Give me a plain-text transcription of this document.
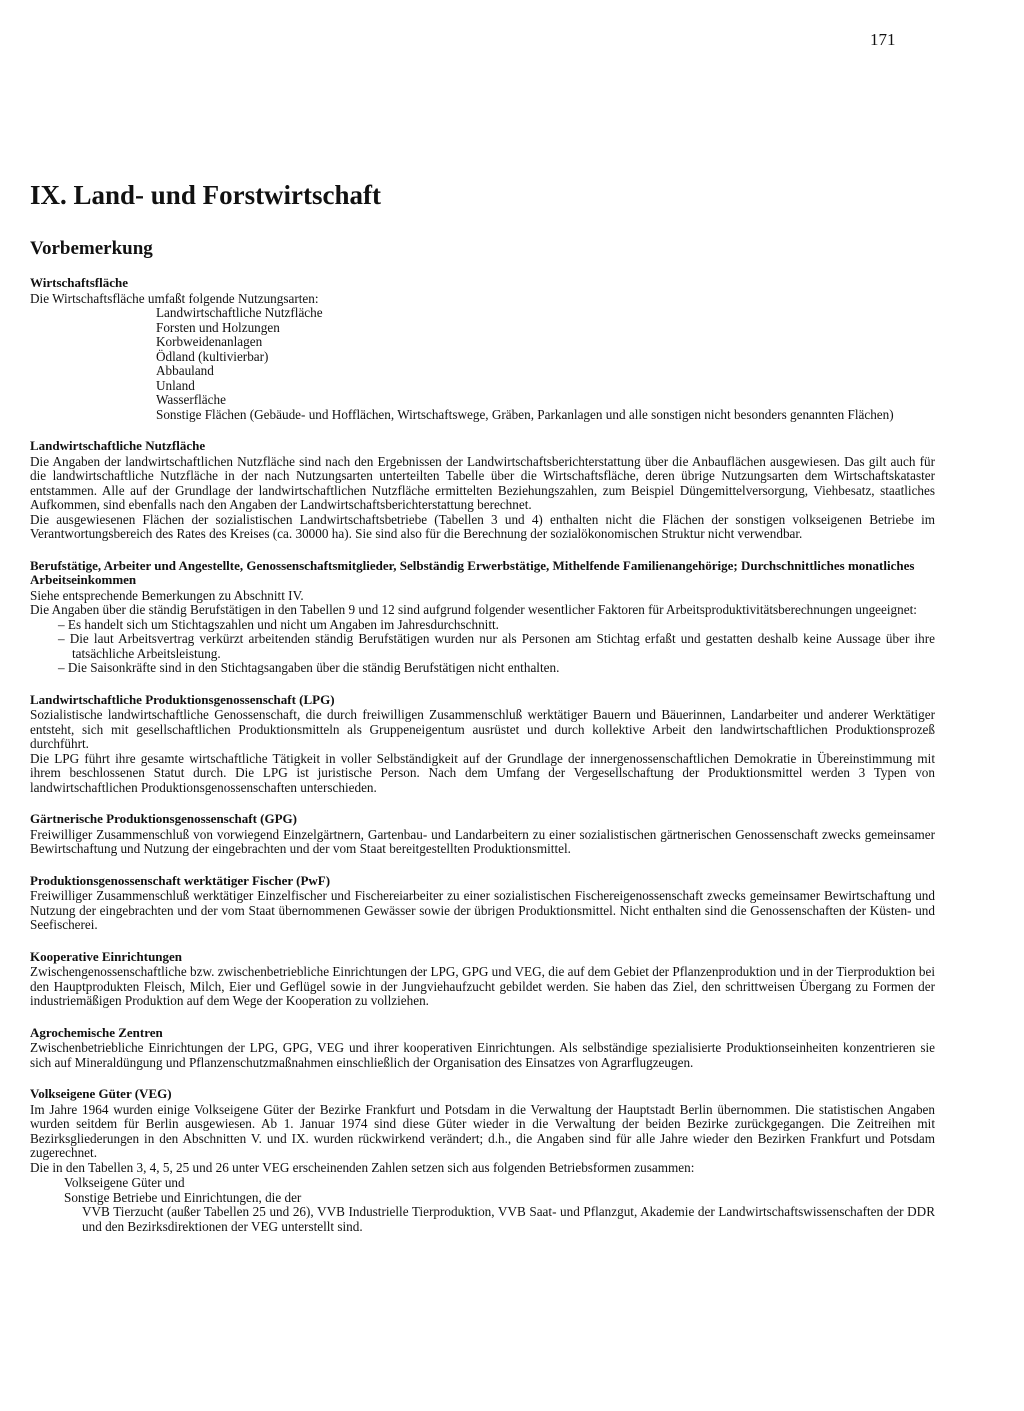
171
IX. Land- und Forstwirtschaft
Vorbemerkung
Wirtschaftsfläche

Die Wirtschaftsfläche umfaßt folgende Nutzungsarten:

Landwirtschaftliche Nutzfläche
Forsten und Holzungen
Korbweidenanlagen
Ödland (kultivierbar)
Abbauland
Unland
Wasserfläche
Sonstige Flächen (Gebäude- und Hofflächen, Wirtschaftswege, Gräben, Parkanlagen und alle sonstigen nicht besonders genannten Flächen)
Landwirtschaftliche Nutzfläche

Die Angaben der landwirtschaftlichen Nutzfläche sind nach den Ergebnissen der Landwirtschaftsberichterstattung über die Anbauflächen ausgewiesen. Das gilt auch für die landwirtschaftliche Nutzfläche in der nach Nutzungsarten unterteilten Tabelle über die Wirtschaftsfläche, deren übrige Nutzungsarten dem Wirtschaftskataster entstammen. Alle auf der Grundlage der landwirtschaftlichen Nutzfläche ermittelten Beziehungszahlen, zum Beispiel Düngemittelversorgung, Viehbesatz, staatliches Aufkommen, sind ebenfalls nach den Angaben der Landwirtschaftsberichterstattung berechnet.

Die ausgewiesenen Flächen der sozialistischen Landwirtschaftsbetriebe (Tabellen 3 und 4) enthalten nicht die Flächen der sonstigen volkseigenen Betriebe im Verantwortungsbereich des Rates des Kreises (ca. 30000 ha). Sie sind also für die Berechnung der sozialökonomischen Struktur nicht verwendbar.

Berufstätige, Arbeiter und Angestellte, Genossenschaftsmitglieder, Selbständig Erwerbstätige, Mithelfende Familienangehörige; Durchschnittliches monatliches Arbeitseinkommen

Siehe entsprechende Bemerkungen zu Abschnitt IV.

Die Angaben über die ständig Berufstätigen in den Tabellen 9 und 12 sind aufgrund folgender wesentlicher Faktoren für Arbeitsproduktivitätsberechnungen ungeeignet:

– Es handelt sich um Stichtagszahlen und nicht um Angaben im Jahresdurchschnitt.
– Die laut Arbeitsvertrag verkürzt arbeitenden ständig Berufstätigen wurden nur als Personen am Stichtag erfaßt und gestatten deshalb keine Aussage über ihre tatsächliche Arbeitsleistung.
– Die Saisonkräfte sind in den Stichtagsangaben über die ständig Berufstätigen nicht enthalten.
Landwirtschaftliche Produktionsgenossenschaft (LPG)

Sozialistische landwirtschaftliche Genossenschaft, die durch freiwilligen Zusammenschluß werktätiger Bauern und Bäuerinnen, Landarbeiter und anderer Werktätiger entsteht, sich mit gesellschaftlichen Produktionsmitteln als Gruppeneigentum ausrüstet und durch kollektive Arbeit den landwirtschaftlichen Produktionsprozeß durchführt.

Die LPG führt ihre gesamte wirtschaftliche Tätigkeit in voller Selbständigkeit auf der Grundlage der innergenossenschaftlichen Demokratie in Übereinstimmung mit ihrem beschlossenen Statut durch. Die LPG ist juristische Person. Nach dem Umfang der Vergesellschaftung der Produktionsmittel werden 3 Typen von landwirtschaftlichen Produktionsgenossenschaften unterschieden.

Gärtnerische Produktionsgenossenschaft (GPG)

Freiwilliger Zusammenschluß von vorwiegend Einzelgärtnern, Gartenbau- und Landarbeitern zu einer sozialistischen gärtnerischen Genossenschaft zwecks gemeinsamer Bewirtschaftung und Nutzung der eingebrachten und der vom Staat bereitgestellten Produktionsmittel.

Produktionsgenossenschaft werktätiger Fischer (PwF)

Freiwilliger Zusammenschluß werktätiger Einzelfischer und Fischereiarbeiter zu einer sozialistischen Fischereigenossenschaft zwecks gemeinsamer Bewirtschaftung und Nutzung der eingebrachten und der vom Staat übernommenen Gewässer sowie der übrigen Produktionsmittel. Nicht enthalten sind die Genossenschaften der Küsten- und Seefischerei.

Kooperative Einrichtungen

Zwischengenossenschaftliche bzw. zwischenbetriebliche Einrichtungen der LPG, GPG und VEG, die auf dem Gebiet der Pflanzenproduktion und in der Tierproduktion bei den Hauptprodukten Fleisch, Milch, Eier und Geflügel sowie in der Jungviehaufzucht gebildet werden. Sie haben das Ziel, den schrittweisen Übergang zu Formen der industriemäßigen Produktion auf dem Wege der Kooperation zu vollziehen.

Agrochemische Zentren

Zwischenbetriebliche Einrichtungen der LPG, GPG, VEG und ihrer kooperativen Einrichtungen. Als selbständige spezialisierte Produktionseinheiten konzentrieren sie sich auf Mineraldüngung und Pflanzenschutzmaßnahmen einschließlich der Organisation des Einsatzes von Agrarflugzeugen.

Volkseigene Güter (VEG)

Im Jahre 1964 wurden einige Volkseigene Güter der Bezirke Frankfurt und Potsdam in die Verwaltung der Hauptstadt Berlin übernommen. Die statistischen Angaben wurden seitdem für Berlin ausgewiesen. Ab 1. Januar 1974 sind diese Güter wieder in die Verwaltung der beiden Bezirke zurückgegangen. Die Zeitreihen mit Bezirksgliederungen in den Abschnitten V. und IX. wurden rückwirkend verändert; d.h., die Angaben sind für alle Jahre wieder den Bezirken Frankfurt und Potsdam zugerechnet.

Die in den Tabellen 3, 4, 5, 25 und 26 unter VEG erscheinenden Zahlen setzen sich aus folgenden Betriebsformen zusammen:

Volkseigene Güter und
Sonstige Betriebe und Einrichtungen, die der
VVB Tierzucht (außer Tabellen 25 und 26), VVB Industrielle Tierproduktion, VVB Saat- und Pflanzgut, Akademie der Landwirtschaftswissenschaften der DDR und den Bezirksdirektionen der VEG unterstellt sind.
